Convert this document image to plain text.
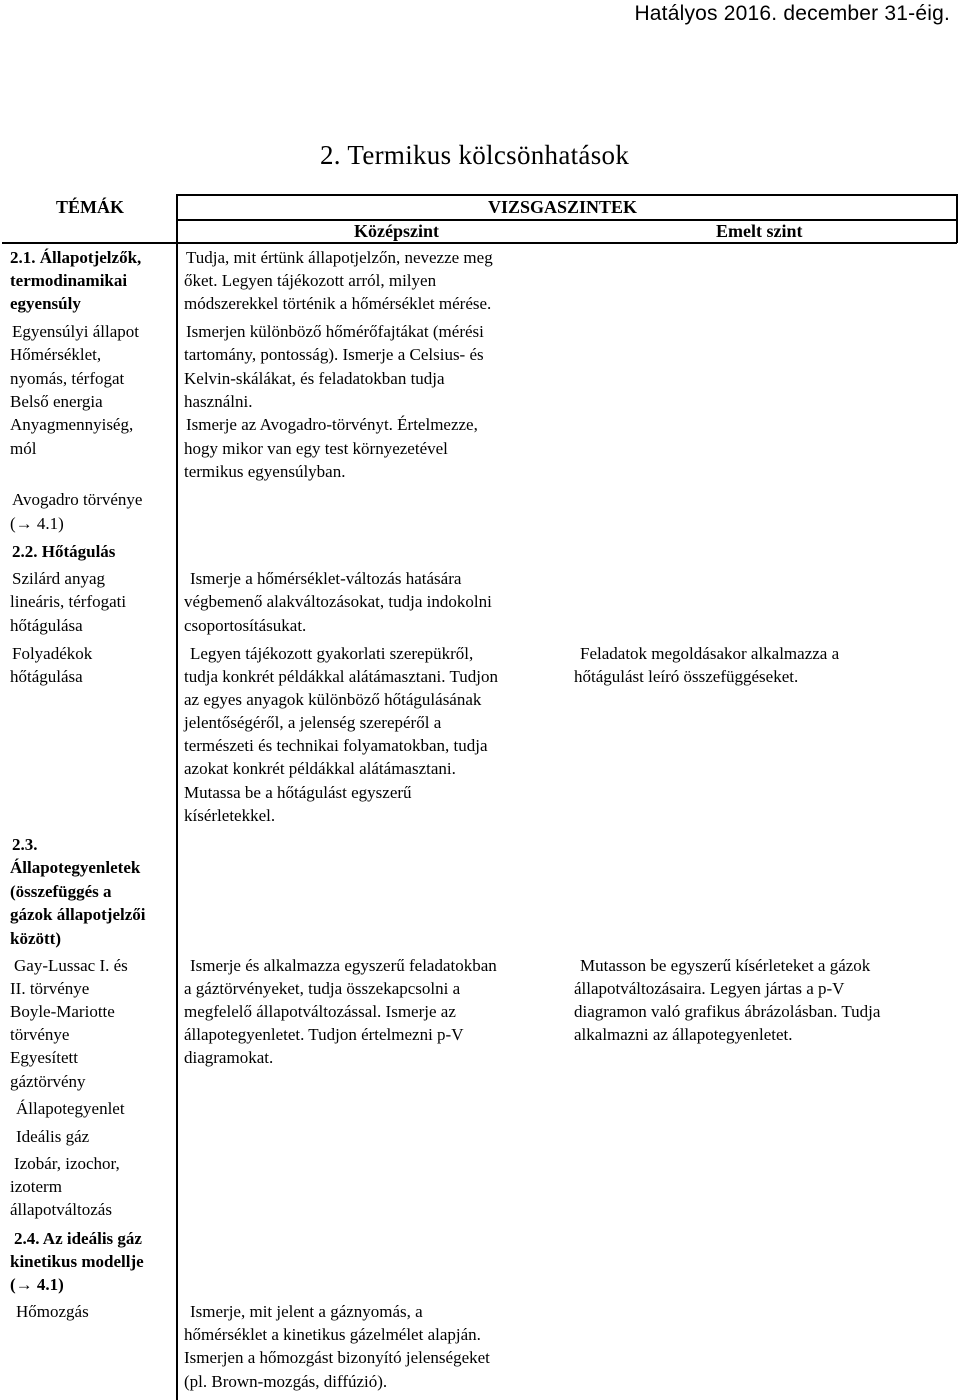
Hatályos 2016. december 31-éig.
2. Termikus kölcsönhatások
TÉMÁK	VIZSGASZINTEK
Középszint	Emelt szint
2.1. Állapotjelzők,
termodinamikai
egyensúly
Egyensúlyi állapot
Hőmérséklet,
nyomás, térfogat
Belső energia
Anyagmennyiség,
mól
Avogadro törvénye
(→ 4.1)
2.2. Hőtágulás
Szilárd anyag
lineáris, térfogati
hőtágulása
Folyadékok
hőtágulása
2.3.
Állapotegyenletek
(összefüggés a
gázok állapotjelzői
között)
Gay-Lussac I. és
II. törvénye
Boyle-Mariotte
törvénye
Egyesített
gáztörvény
Állapotegyenlet
Ideális gáz
Izobár, izochor,
izoterm
állapotváltozás
2.4. Az ideális gáz
kinetikus modellje
(→ 4.1)
Hőmozgás
Tudja, mit értünk állapotjelzőn, nevezze meg
őket. Legyen tájékozott arról, milyen
módszerekkel történik a hőmérséklet mérése.
Ismerjen különböző hőmérőfajtákat (mérési
tartomány, pontosság). Ismerje a Celsius- és
Kelvin-skálákat, és feladatokban tudja
használni.
Ismerje az Avogadro-törvényt. Értelmezze,
hogy mikor van egy test környezetével
termikus egyensúlyban.
Ismerje a hőmérséklet-változás hatására
végbemenő alakváltozásokat, tudja indokolni
csoportosításukat.
Legyen tájékozott gyakorlati szerepükről,
tudja konkrét példákkal alátámasztani. Tudjon
az egyes anyagok különböző hőtágulásának
jelentőségéről, a jelenség szerepéről a
természeti és technikai folyamatokban, tudja
azokat konkrét példákkal alátámasztani.
Mutassa be a hőtágulást egyszerű
kísérletekkel.
Ismerje és alkalmazza egyszerű feladatokban
a gáztörvényeket, tudja összekapcsolni a
megfelelő állapotváltozással. Ismerje az
állapotegyenletet. Tudjon értelmezni p-V
diagramokat.
Ismerje, mit jelent a gáznyomás, a
hőmérséklet a kinetikus gázelmélet alapján.
Ismerjen a hőmozgást bizonyító jelenségeket
(pl. Brown-mozgás, diffúzió).
Feladatok megoldásakor alkalmazza a
hőtágulást leíró összefüggéseket.
Mutasson be egyszerű kísérleteket a gázok
állapotváltozásaira. Legyen jártas a p-V
diagramon való grafikus ábrázolásban. Tudja
alkalmazni az állapotegyenletet.
